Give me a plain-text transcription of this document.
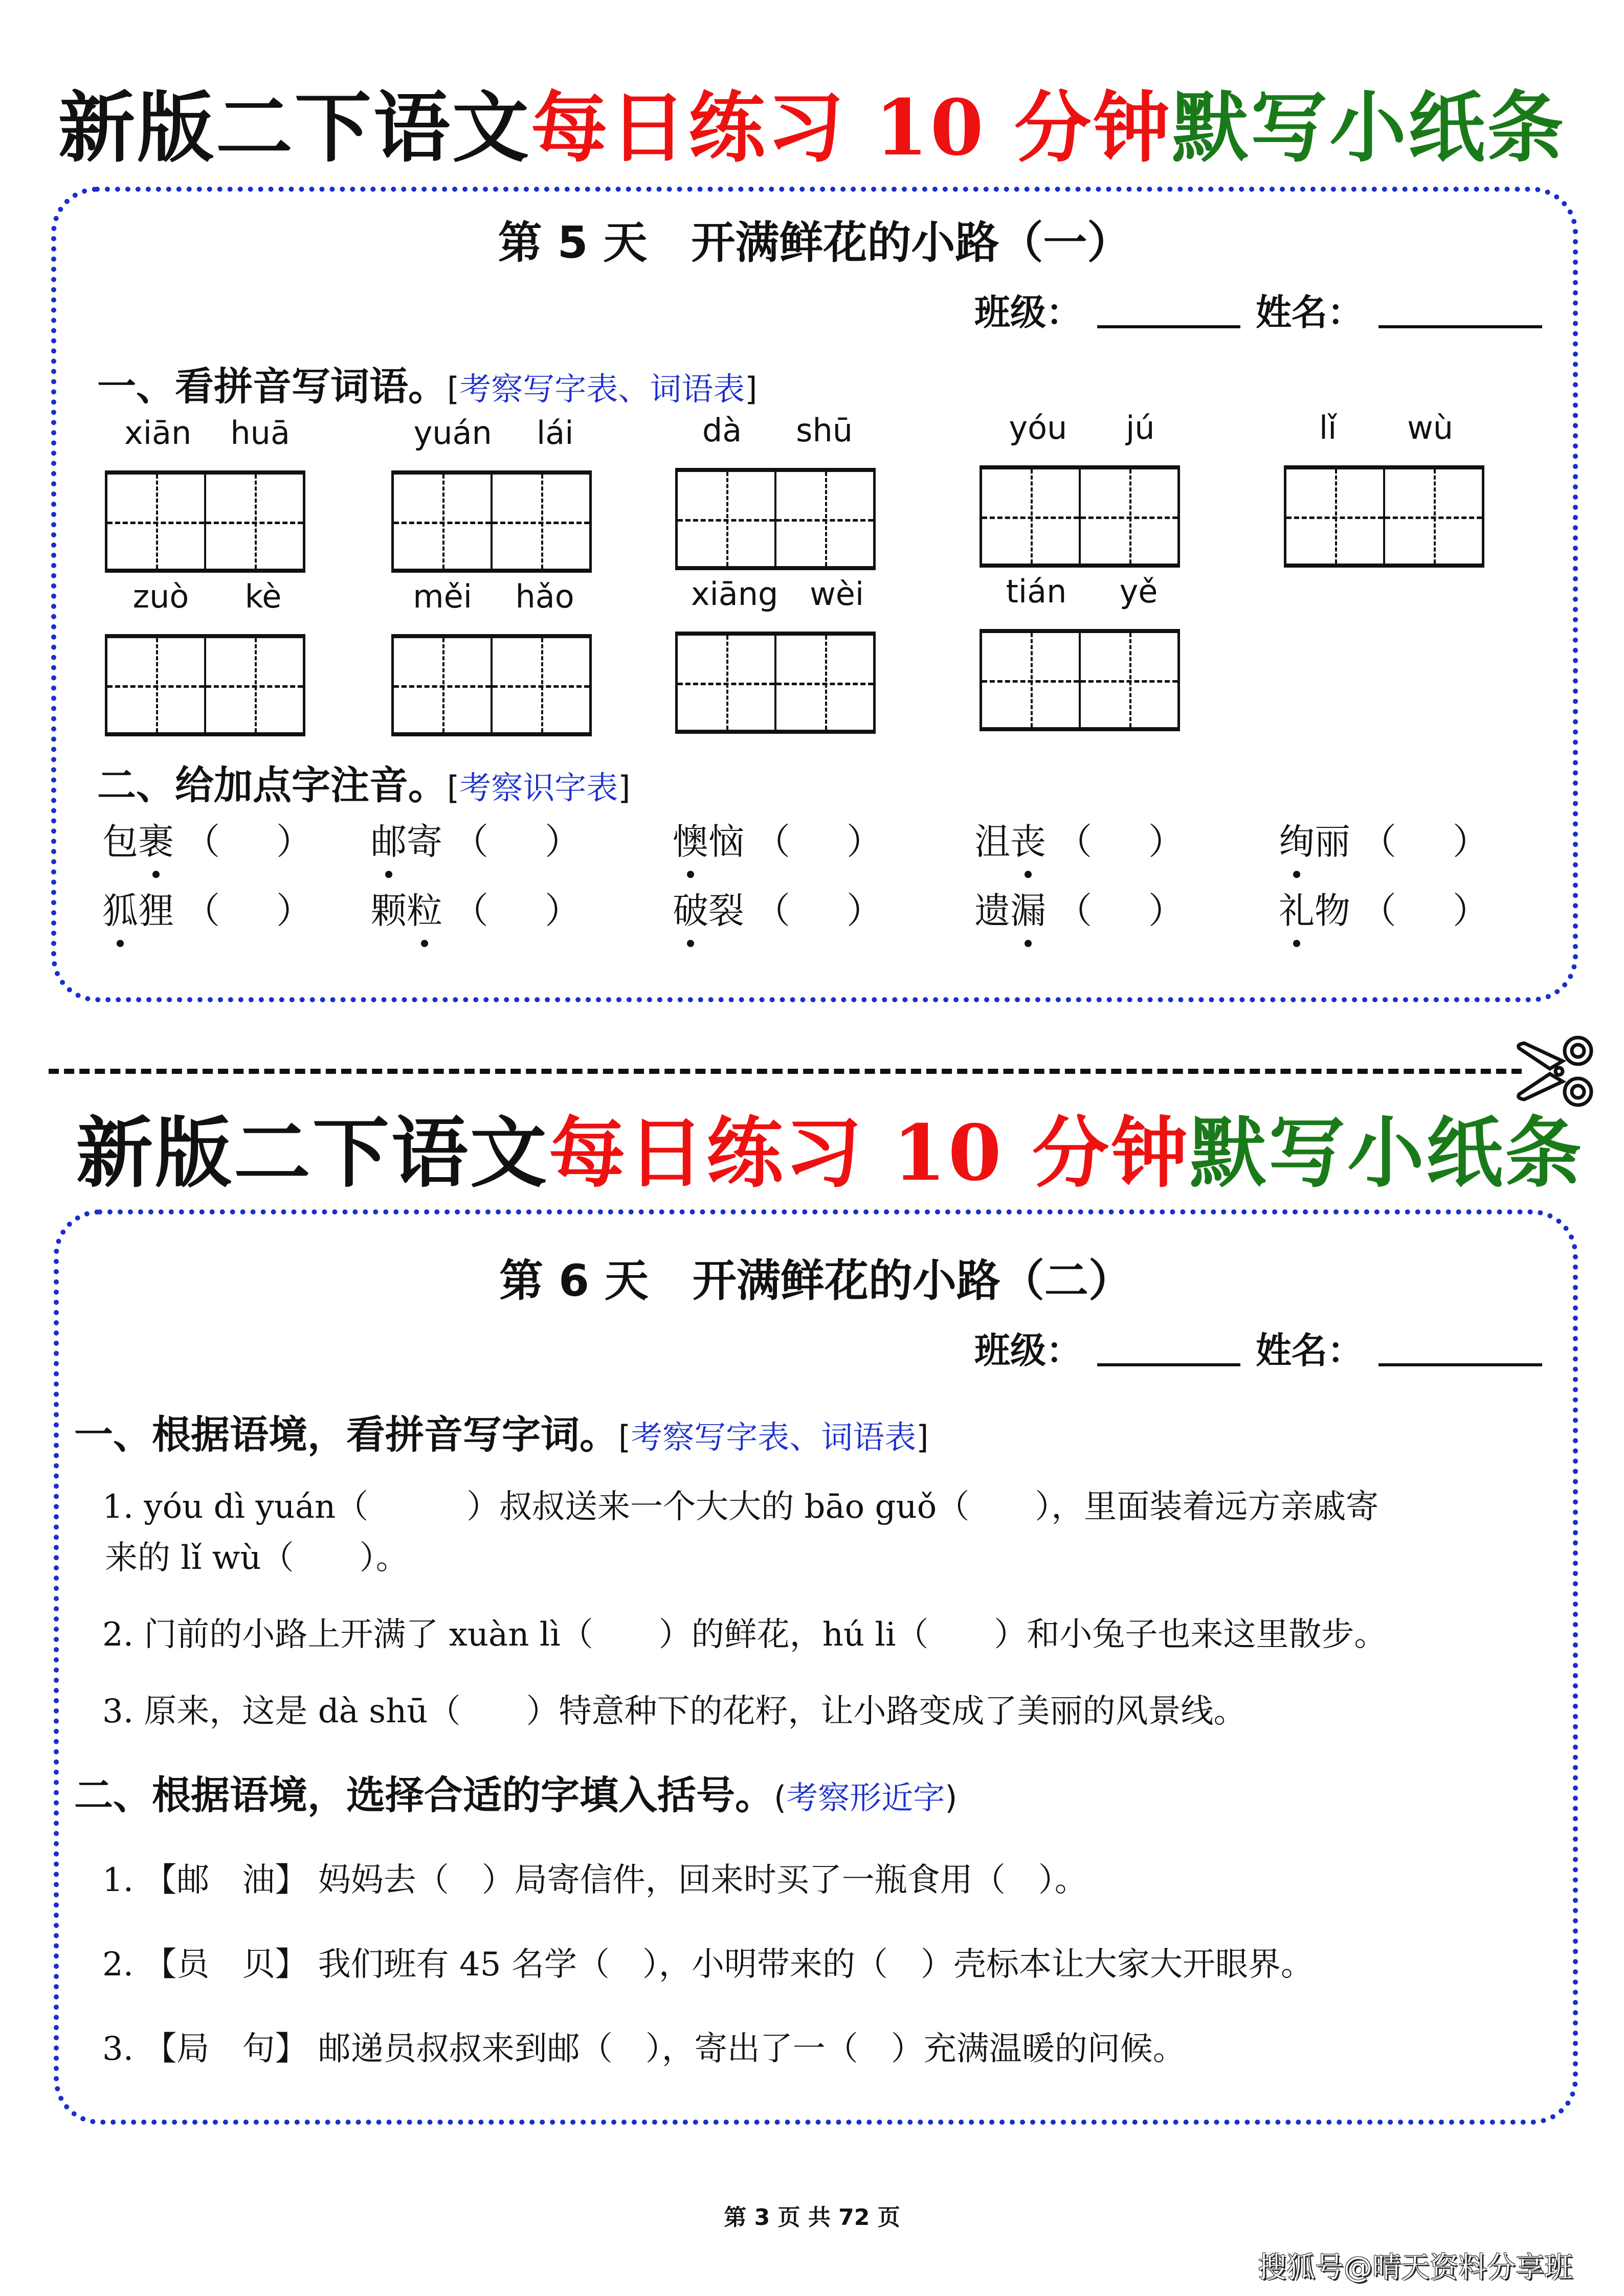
新版二下语文每日练习 10 分钟默写小纸条
第 5 天　开满鲜花的小路（一）
班级：	姓名：
一、看拼音写词语。[考察写字表、词语表]
xiān huā	yuán lái	dà shū	yóu jú	lǐ wù
zuò kè	měi hǎo	xiāng wèi	tián yě
二、给加点字注音。[考察识字表]
包裹 （ ） 邮寄 （ ）	懊恼 （ ）	沮丧 （ ）	绚丽 （ ）
狐狸 （ ） 颗粒 （ ）	破裂 （ ）	遗漏 （ ）	礼物 （ ）
新版二下语文每日练习 10 分钟默写小纸条
第 6 天　开满鲜花的小路（二）
班级：	姓名：
一、根据语境，看拼音写字词。[考察写字表、词语表]
1. yóu dì yuán（　　　）叔叔送来一个大大的 bāo guǒ（　　），里面装着远方亲戚寄
来的 lǐ wù（　　）。
2. 门前的小路上开满了 xuàn lì（　　）的鲜花，hú li（　　）和小兔子也来这里散步。
3. 原来，这是 dà shū（　　）特意种下的花籽，让小路变成了美丽的风景线。
二、根据语境，选择合适的字填入括号。(考察形近字)
1. 【邮　油】 妈妈去（　）局寄信件，回来时买了一瓶食用（　）。
2. 【员　贝】 我们班有 45 名学（　），小明带来的（　）壳标本让大家大开眼界。
3. 【局　句】 邮递员叔叔来到邮（　），寄出了一（　）充满温暖的问候。
第 3 页 共 72 页
搜狐号@晴天资料分享班
